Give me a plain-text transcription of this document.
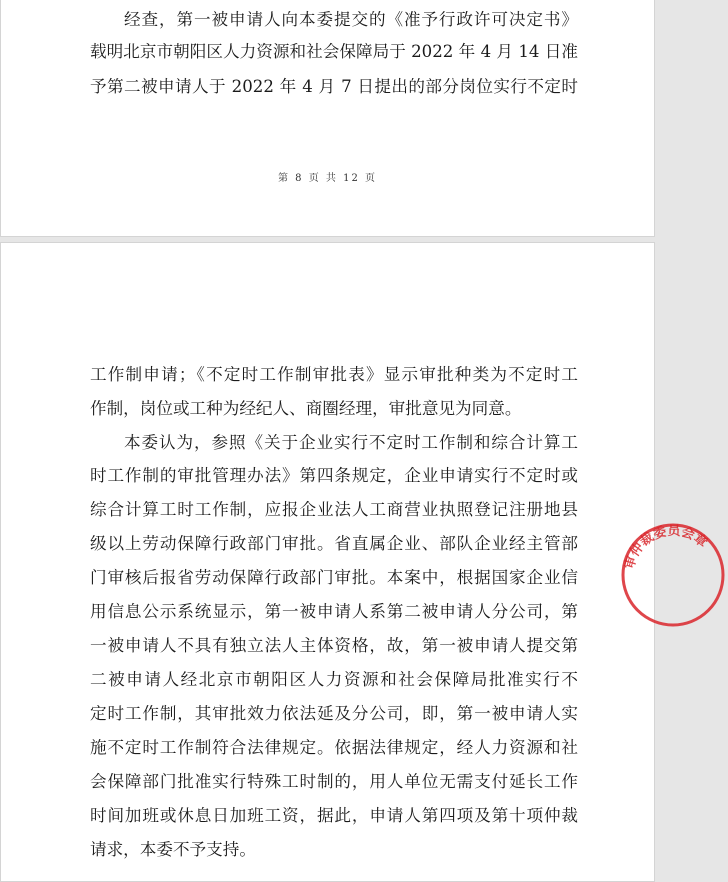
经查，第一被申请人向本委提交的《准予行政许可决定书》
载明北京市朝阳区人力资源和社会保障局于 2022 年 4 月 14 日准
予第二被申请人于 2022 年 4 月 7 日提出的部分岗位实行不定时
第 8 页 共 12 页
工作制申请；《不定时工作制审批表》显示审批种类为不定时工
作制，岗位或工种为经纪人、商圈经理，审批意见为同意。
本委认为，参照《关于企业实行不定时工作制和综合计算工
时工作制的审批管理办法》第四条规定，企业申请实行不定时或
综合计算工时工作制，应报企业法人工商营业执照登记注册地县
级以上劳动保障行政部门审批。省直属企业、部队企业经主管部
门审核后报省劳动保障行政部门审批。本案中，根据国家企业信
用信息公示系统显示，第一被申请人系第二被申请人分公司，第
一被申请人不具有独立法人主体资格，故，第一被申请人提交第
二被申请人经北京市朝阳区人力资源和社会保障局批准实行不
定时工作制，其审批效力依法延及分公司，即，第一被申请人实
施不定时工作制符合法律规定。依据法律规定，经人力资源和社
会保障部门批准实行特殊工时制的，用人单位无需支付延长工作
时间加班或休息日加班工资，据此，申请人第四项及第十项仲裁
请求，本委不予支持。
审仲裁委员会章
